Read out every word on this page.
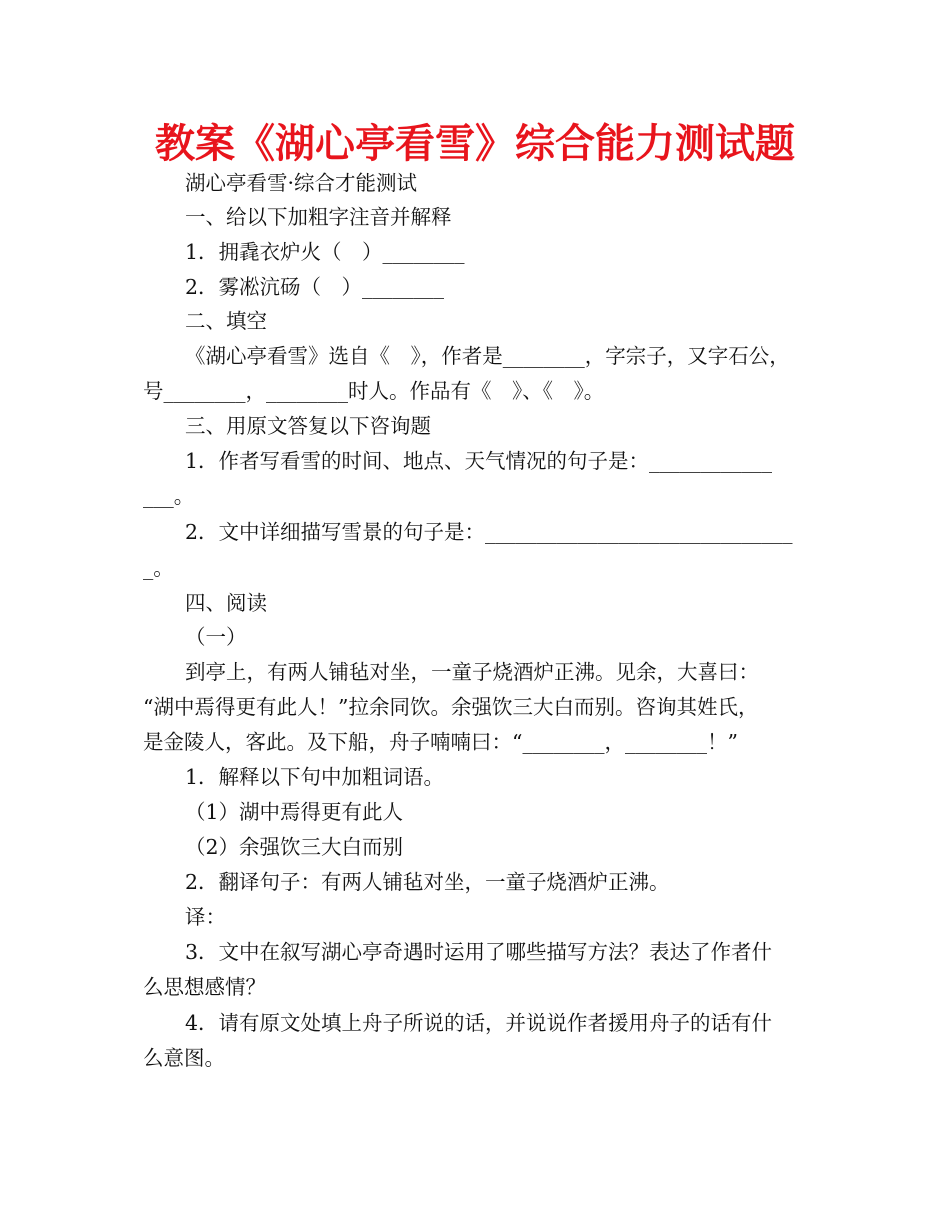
教案《湖心亭看雪》综合能力测试题
湖心亭看雪·综合才能测试
一、给以下加粗字注音并解释
1．拥毳衣炉火（　）________
2．雾凇沆砀（　）________
二、填空
《湖心亭看雪》选自《　》，作者是________，字宗子，又字石公，
号________，________时人。作品有《　》、《　》。
三、用原文答复以下咨询题
1．作者写看雪的时间、地点、天气情况的句子是：____________
___。
2．文中详细描写雪景的句子是：______________________________
_。
四、阅读
（一）
到亭上，有两人铺毡对坐，一童子烧酒炉正沸。见余，大喜曰：
“湖中焉得更有此人！”拉余同饮。余强饮三大白而别。咨询其姓氏，
是金陵人，客此。及下船，舟子喃喃曰：“________，________！”
1．解释以下句中加粗词语。
（1）湖中焉得更有此人
（2）余强饮三大白而别
2．翻译句子：有两人铺毡对坐，一童子烧酒炉正沸。
译：
3．文中在叙写湖心亭奇遇时运用了哪些描写方法？表达了作者什
么思想感情？
4．请有原文处填上舟子所说的话，并说说作者援用舟子的话有什
么意图。
